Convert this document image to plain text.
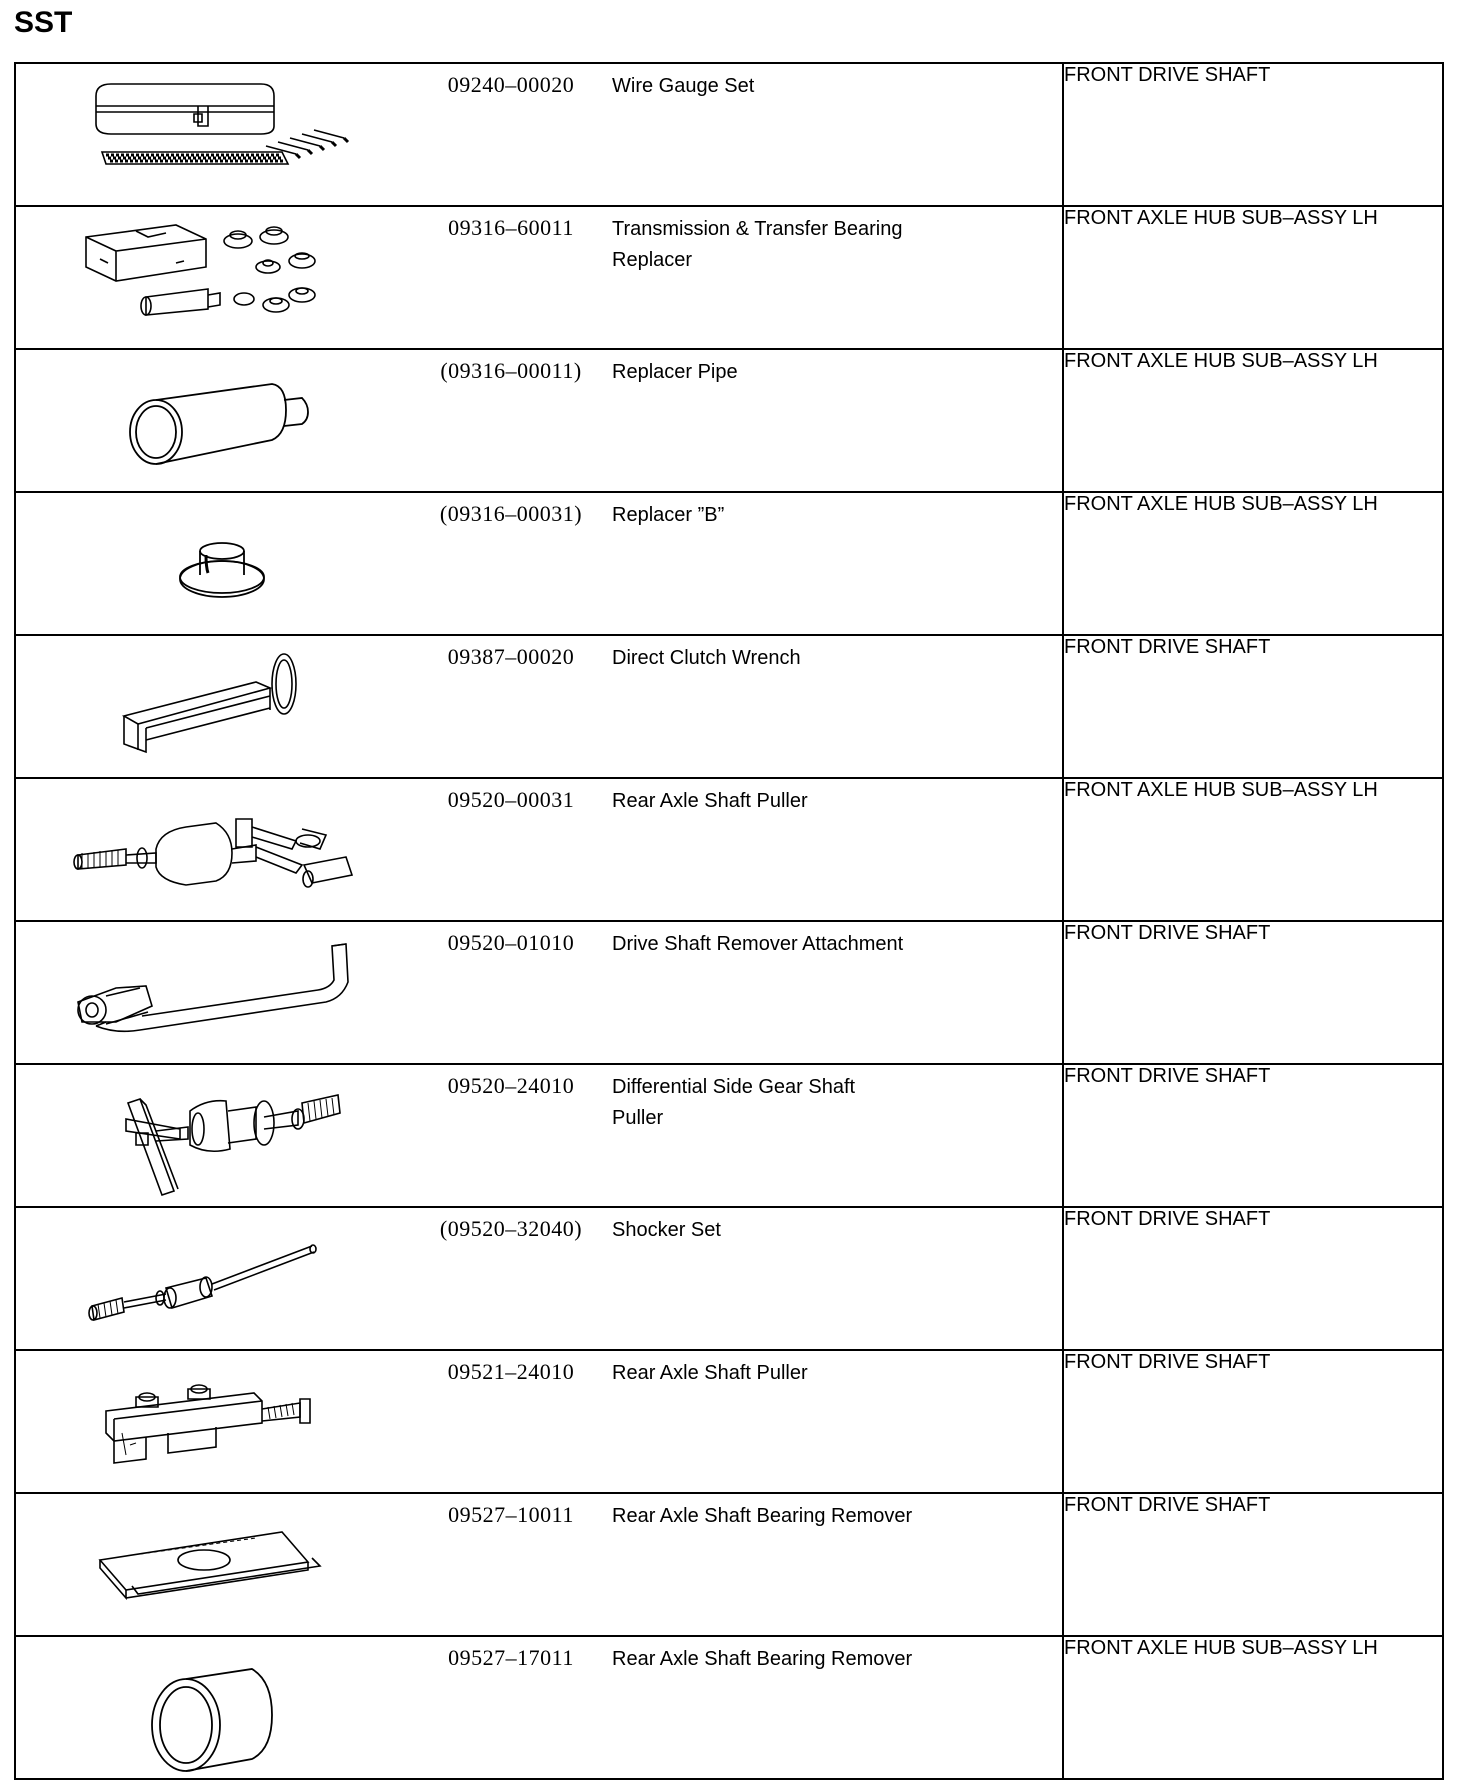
SST
09240–00020 Wire Gauge Set	FRONT DRIVE SHAFT

09316–60011 Transmission & Transfer Bearing
Replacer	FRONT AXLE HUB SUB–ASSY LH

(09316–00011) Replacer Pipe	FRONT AXLE HUB SUB–ASSY LH

(09316–00031) Replacer ”B”	FRONT AXLE HUB SUB–ASSY LH

09387–00020 Direct Clutch Wrench	FRONT DRIVE SHAFT

09520–00031 Rear Axle Shaft Puller	FRONT AXLE HUB SUB–ASSY LH

09520–01010 Drive Shaft Remover Attachment	FRONT DRIVE SHAFT

09520–24010 Differential Side Gear Shaft
Puller	FRONT DRIVE SHAFT

(09520–32040) Shocker Set	FRONT DRIVE SHAFT

09521–24010 Rear Axle Shaft Puller	FRONT DRIVE SHAFT

09527–10011 Rear Axle Shaft Bearing Remover	FRONT DRIVE SHAFT

09527–17011 Rear Axle Shaft Bearing Remover	FRONT AXLE HUB SUB–ASSY LH
